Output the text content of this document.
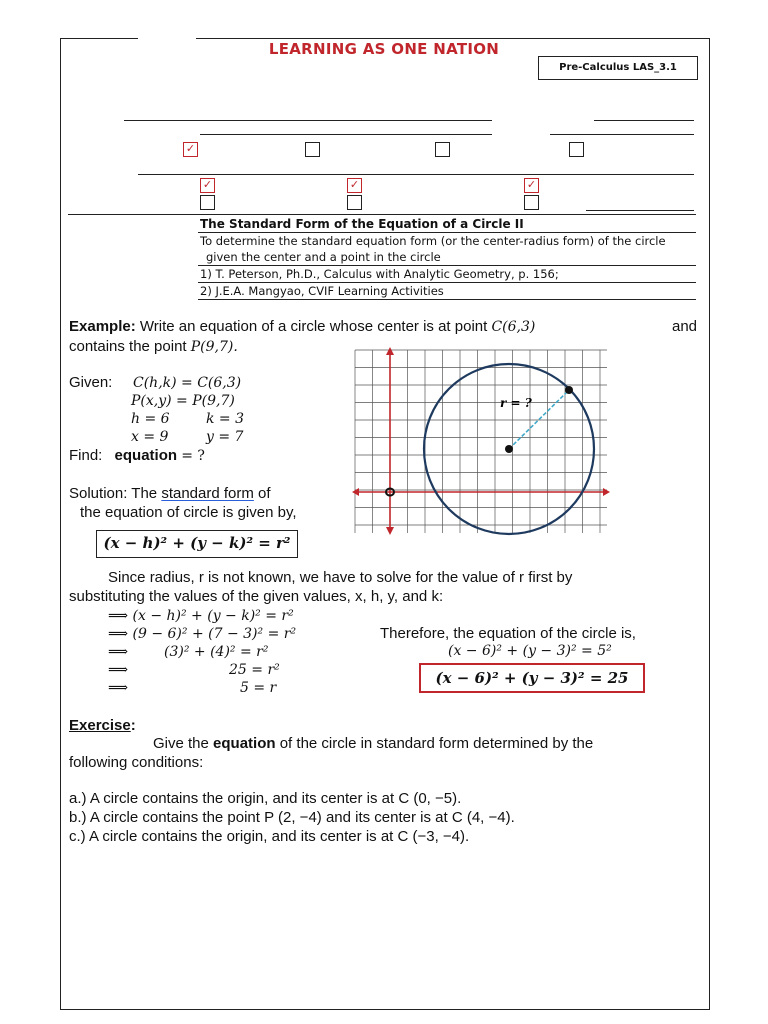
LEARNING AS ONE NATION
Pre-Calculus LAS_3.1
✓
✓	✓	✓
The Standard Form of the Equation of a Circle II
To determine the standard equation form (or the center-radius form) of the circle
given the center and a point in the circle
1) T. Peterson, Ph.D., Calculus with Analytic Geometry, p. 156;
2) J.E.A. Mangyao, CVIF Learning Activities
Example: Write an equation of a circle whose center is at point C(6,3)	and
contains the point P(9,7).
Given: C(h,k) = C(6,3)
P(x,y) = P(9,7)
h = 6	k = 3
x = 9	y = 7
Find: equation = ?
Solution: The standard form of
the equation of circle is given by,
(x − h)² + (y − k)² = r²
r = ?
Since radius, r is not known, we have to solve for the value of r first by
substituting the values of the given values, x, h, y, and k:
⟹ (x − h)² + (y − k)² = r²
⟹ (9 − 6)² + (7 − 3)² = r²
⟹	(3)² + (4)² = r²
⟹	25 = r²
⟹	5 = r
Therefore, the equation of the circle is,
(x − 6)² + (y − 3)² = 5²
(x − 6)² + (y − 3)² = 25
Exercise:
Give the equation of the circle in standard form determined by the
following conditions:
a.) A circle contains the origin, and its center is at C (0, −5).
b.) A circle contains the point P (2, −4) and its center is at C (4, −4).
c.) A circle contains the origin, and its center is at C (−3, −4).
